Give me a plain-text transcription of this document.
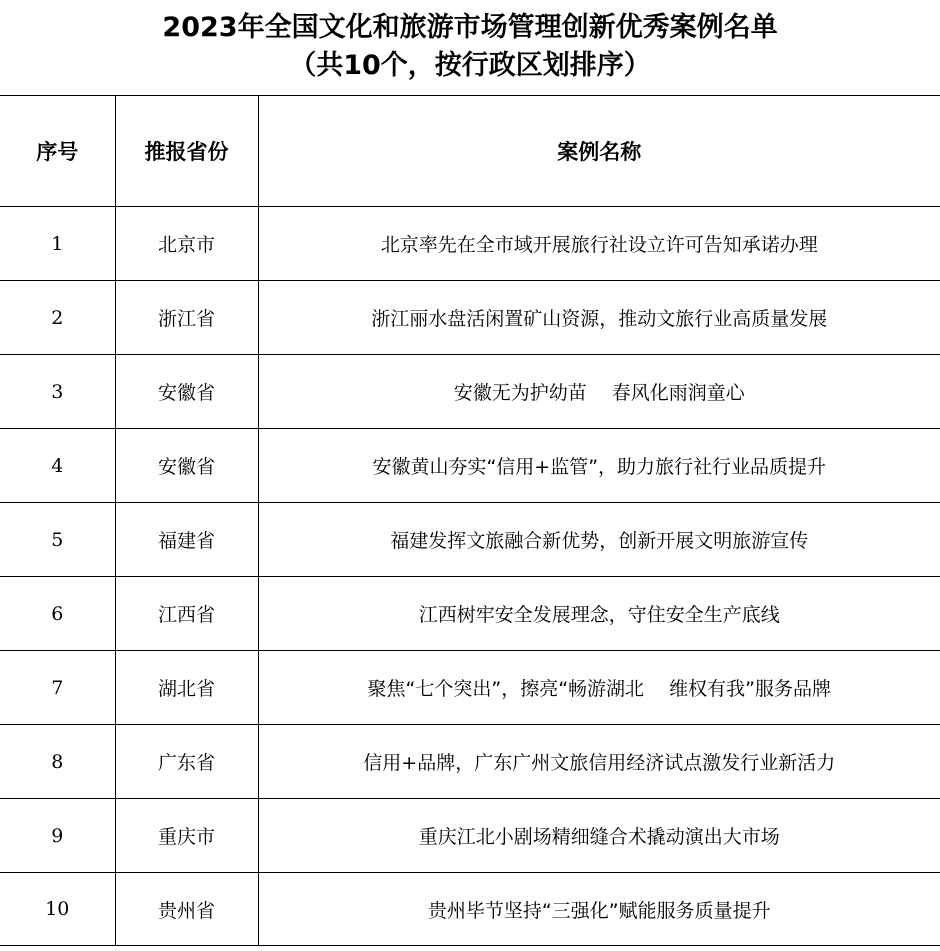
2023年全国文化和旅游市场管理创新优秀案例名单
（共10个，按行政区划排序）
序号	推报省份	案例名称
1	北京市	北京率先在全市域开展旅行社设立许可告知承诺办理
2	浙江省	浙江丽水盘活闲置矿山资源，推动文旅行业高质量发展
3	安徽省	安徽无为护幼苗 　春风化雨润童心
4	安徽省	安徽黄山夯实“信用+监管”，助力旅行社行业品质提升
5	福建省	福建发挥文旅融合新优势，创新开展文明旅游宣传
6	江西省	江西树牢安全发展理念，守住安全生产底线
7	湖北省	聚焦“七个突出”，擦亮“畅游湖北 　维权有我”服务品牌
8	广东省	信用+品牌，广东广州文旅信用经济试点激发行业新活力
9	重庆市	重庆江北小剧场精细缝合术撬动演出大市场
10	贵州省	贵州毕节坚持“三强化”赋能服务质量提升
